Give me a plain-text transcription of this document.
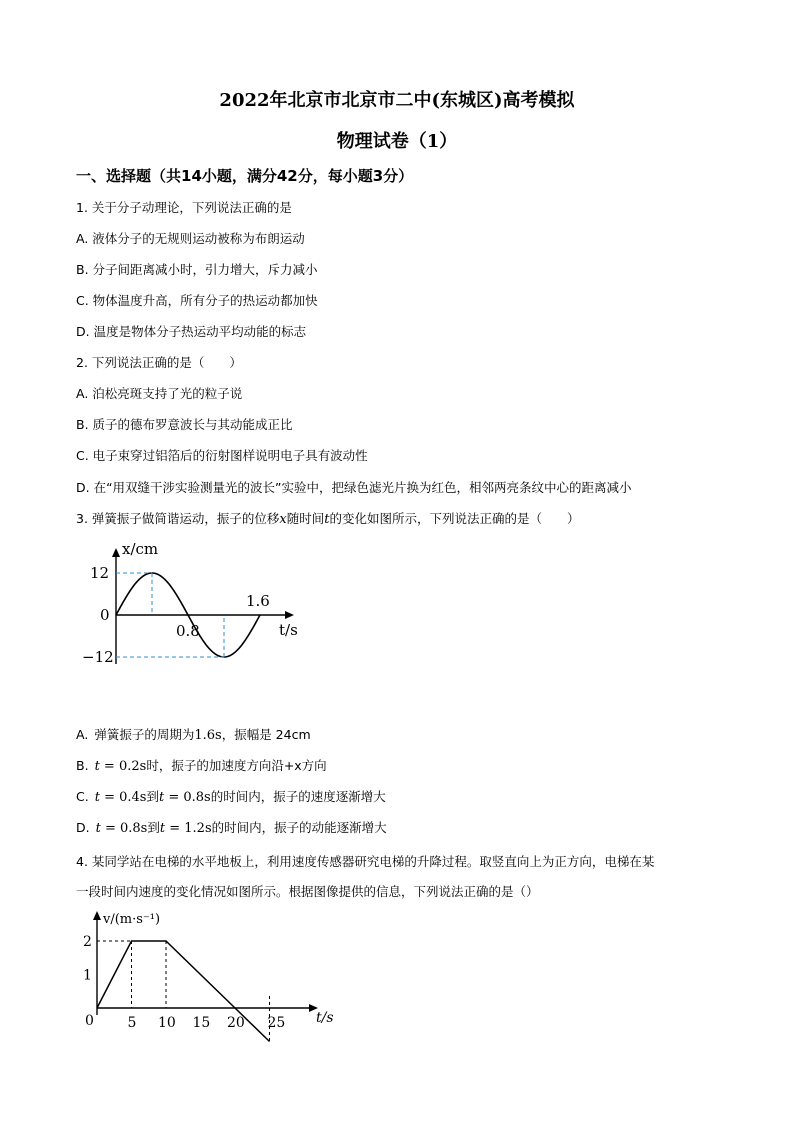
2022年北京市北京市二中(东城区)高考模拟
物理试卷（1）
一、选择题（共14小题，满分42分，每小题3分）
1. 关于分子动理论，下列说法正确的是
A. 液体分子的无规则运动被称为布朗运动
B. 分子间距离减小时，引力增大，斥力减小
C. 物体温度升高，所有分子的热运动都加快
D. 温度是物体分子热运动平均动能的标志
2. 下列说法正确的是（　　）
A. 泊松亮斑支持了光的粒子说
B. 质子的德布罗意波长与其动能成正比
C. 电子束穿过铝箔后的衍射图样说明电子具有波动性
D. 在“用双缝干涉实验测量光的波长”实验中，把绿色滤光片换为红色，相邻两亮条纹中心的距离减小
3. 弹簧振子做简谐运动，振子的位移x随时间t的变化如图所示，下列说法正确的是（　　）
x/cm
t/s
12
0
−12
0.8
1.6
A. 弹簧振子的周期为1.6s，振幅是 24cm
B. t = 0.2s时，振子的加速度方向沿+x方向
C. t = 0.4s到t = 0.8s的时间内，振子的速度逐渐增大
D. t = 0.8s到t = 1.2s的时间内，振子的动能逐渐增大
4. 某同学站在电梯的水平地板上，利用速度传感器研究电梯的升降过程。取竖直向上为正方向，电梯在某
一段时间内速度的变化情况如图所示。根据图像提供的信息，下列说法正确的是（）
v/(m·s⁻¹)
t/s
2
1
0 5 10 15 20 25
